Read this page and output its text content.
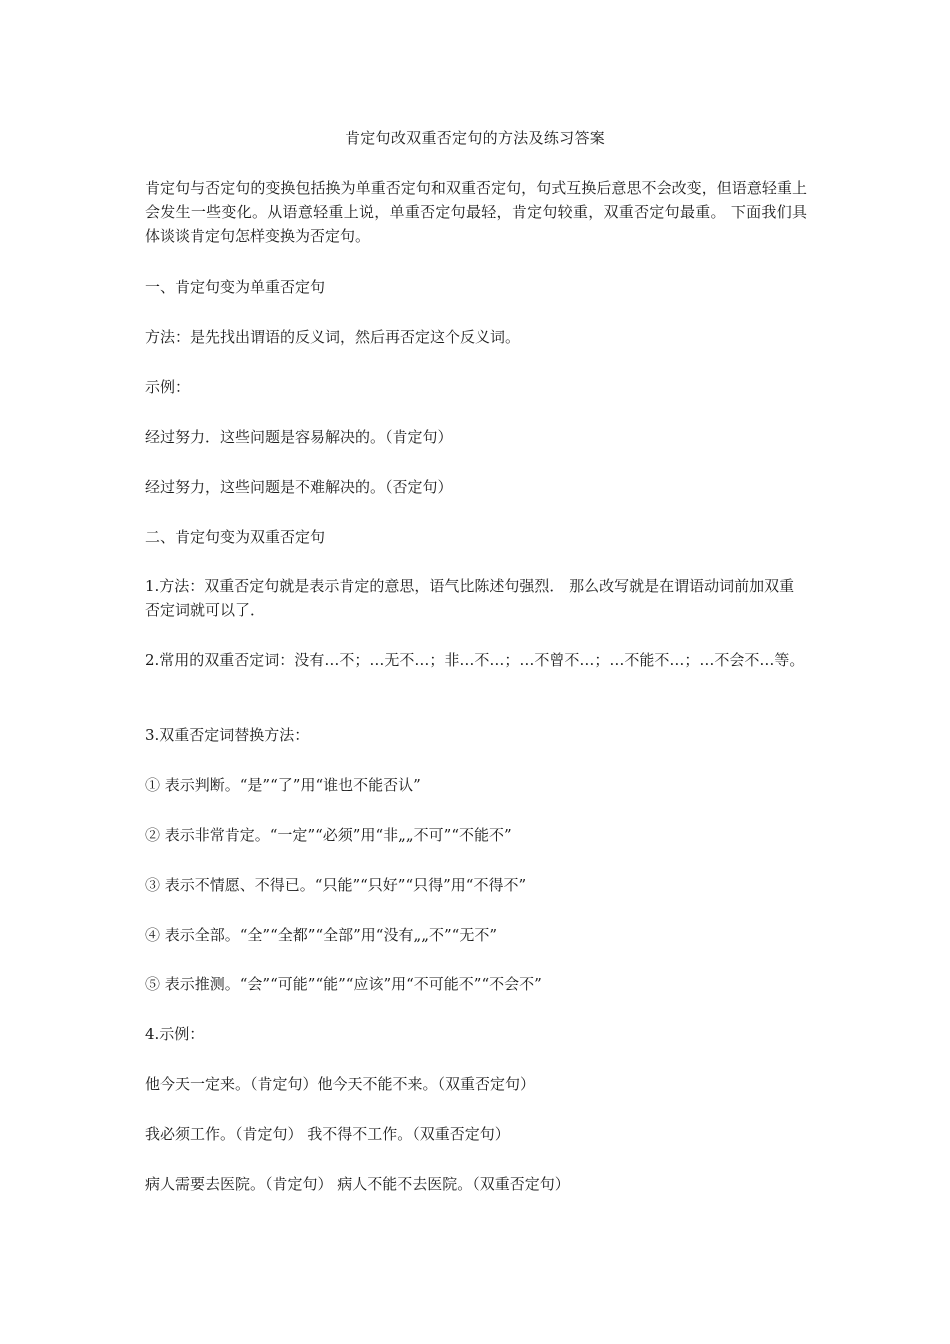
肯定句改双重否定句的方法及练习答案

肯定句与否定句的变换包括换为单重否定句和双重否定句，句式互换后意思不会改变，但语意轻重上会发生一些变化。从语意轻重上说，单重否定句最轻，肯定句较重，双重否定句最重。 下面我们具体谈谈肯定句怎样变换为否定句。

一、肯定句变为单重否定句

方法：是先找出谓语的反义词，然后再否定这个反义词。

示例：

经过努力．这些问题是容易解决的。（肯定句）

经过努力，这些问题是不难解决的。（否定句）

二、肯定句变为双重否定句

1.方法：双重否定句就是表示肯定的意思，语气比陈述句强烈． 那么改写就是在谓语动词前加双重否定词就可以了．

2.常用的双重否定词：没有…不；…无不…；非…不…；…不曾不…；…不能不…；…不会不…等。

3.双重否定词替换方法：

① 表示判断。“是”“了”用“谁也不能否认”

② 表示非常肯定。“一定”“必须”用“非„„不可”“不能不”

③ 表示不情愿、不得已。“只能”“只好”“只得”用“不得不”

④ 表示全部。“全”“全都”“全部”用“没有„„不”“无不”

⑤ 表示推测。“会”“可能”“能”“应该”用“不可能不”“不会不”

4.示例：

他今天一定来。（肯定句）他今天不能不来。（双重否定句）

我必须工作。（肯定句） 我不得不工作。（双重否定句）

病人需要去医院。（肯定句） 病人不能不去医院。（双重否定句）
